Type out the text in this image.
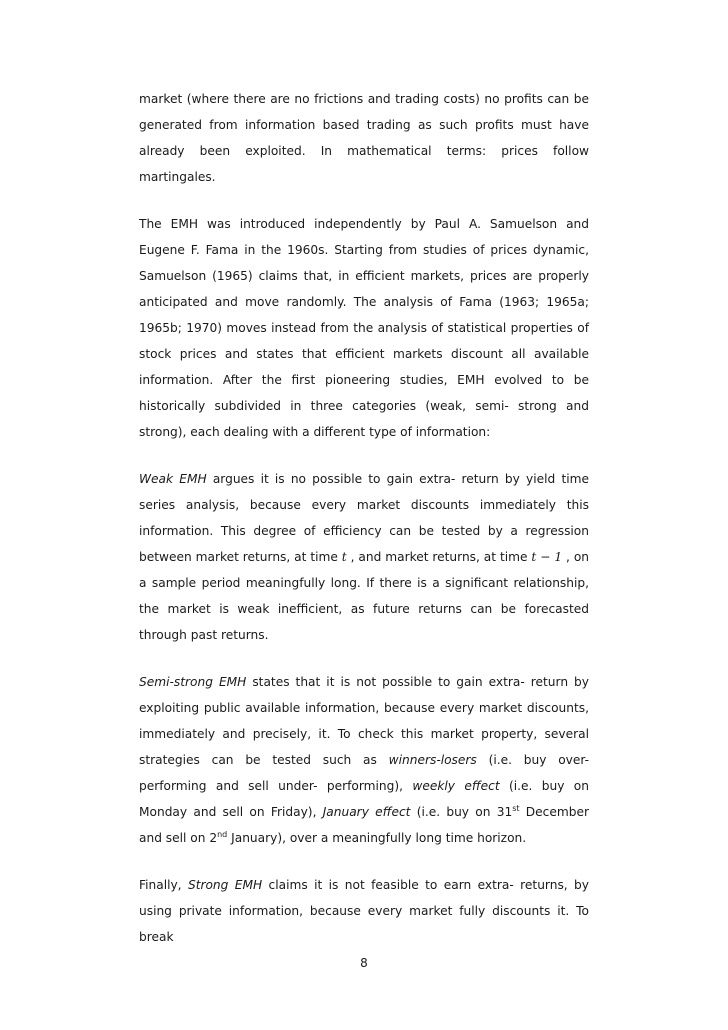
market (where there are no frictions and trading costs) no profits can be generated from information based trading as such profits must have already been exploited. In mathematical terms: prices follow martingales.

The EMH was introduced independently by Paul A. Samuelson and Eugene F. Fama in the 1960s. Starting from studies of prices dynamic, Samuelson (1965) claims that, in efficient markets, prices are properly anticipated and move randomly. The analysis of Fama (1963; 1965a; 1965b; 1970) moves instead from the analysis of statistical properties of stock prices and states that efficient markets discount all available information. After the first pioneering studies, EMH evolved to be historically subdivided in three categories (weak, semi- strong and strong), each dealing with a different type of information:

Weak EMH argues it is no possible to gain extra- return by yield time series analysis, because every market discounts immediately this information. This degree of efficiency can be tested by a regression between market returns, at time t , and market returns, at time t − 1 , on a sample period meaningfully long. If there is a significant relationship, the market is weak inefficient, as future returns can be forecasted through past returns.

Semi-strong EMH states that it is not possible to gain extra- return by exploiting public available information, because every market discounts, immediately and precisely, it. To check this market property, several strategies can be tested such as winners-losers (i.e. buy over- performing and sell under- performing), weekly effect (i.e. buy on Monday and sell on Friday), January effect (i.e. buy on 31st December and sell on 2nd January), over a meaningfully long time horizon.

Finally, Strong EMH claims it is not feasible to earn extra- returns, by using private information, because every market fully discounts it. To break

8
